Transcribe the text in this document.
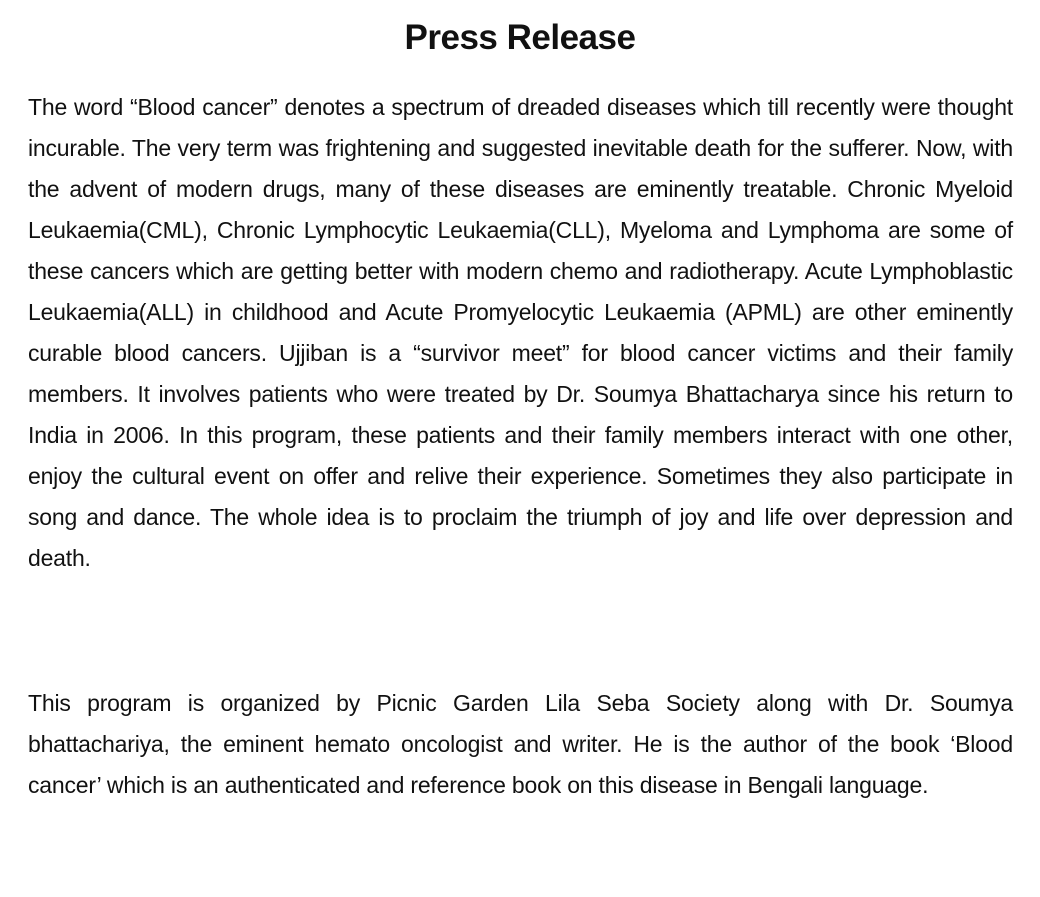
Press Release

The word “Blood cancer” denotes a spectrum of dreaded diseases which till recently were thought incurable. The very term was frightening and suggested inevitable death for the sufferer. Now, with the advent of modern drugs, many of these diseases are eminently treatable. Chronic Myeloid Leukaemia(CML), Chronic Lymphocytic Leukaemia(CLL), Myeloma and Lymphoma are some of these cancers which are getting better with modern chemo and radiotherapy. Acute Lymphoblastic Leukaemia(ALL) in childhood and Acute Promyelocytic Leukaemia (APML) are other eminently curable blood cancers. Ujjiban is a “survivor meet” for blood cancer victims and their family members. It involves patients who were treated by Dr. Soumya Bhattacharya since his return to India in 2006. In this program, these patients and their family members interact with one other, enjoy the cultural event on offer and relive their experience. Sometimes they also participate in song and dance. The whole idea is to proclaim the triumph of joy and life over depression and death.

This program is organized by Picnic Garden Lila Seba Society along with Dr. Soumya bhattachariya, the eminent hemato oncologist and writer. He is the author of the book ‘Blood cancer’ which is an authenticated and reference book on this disease in Bengali language.
